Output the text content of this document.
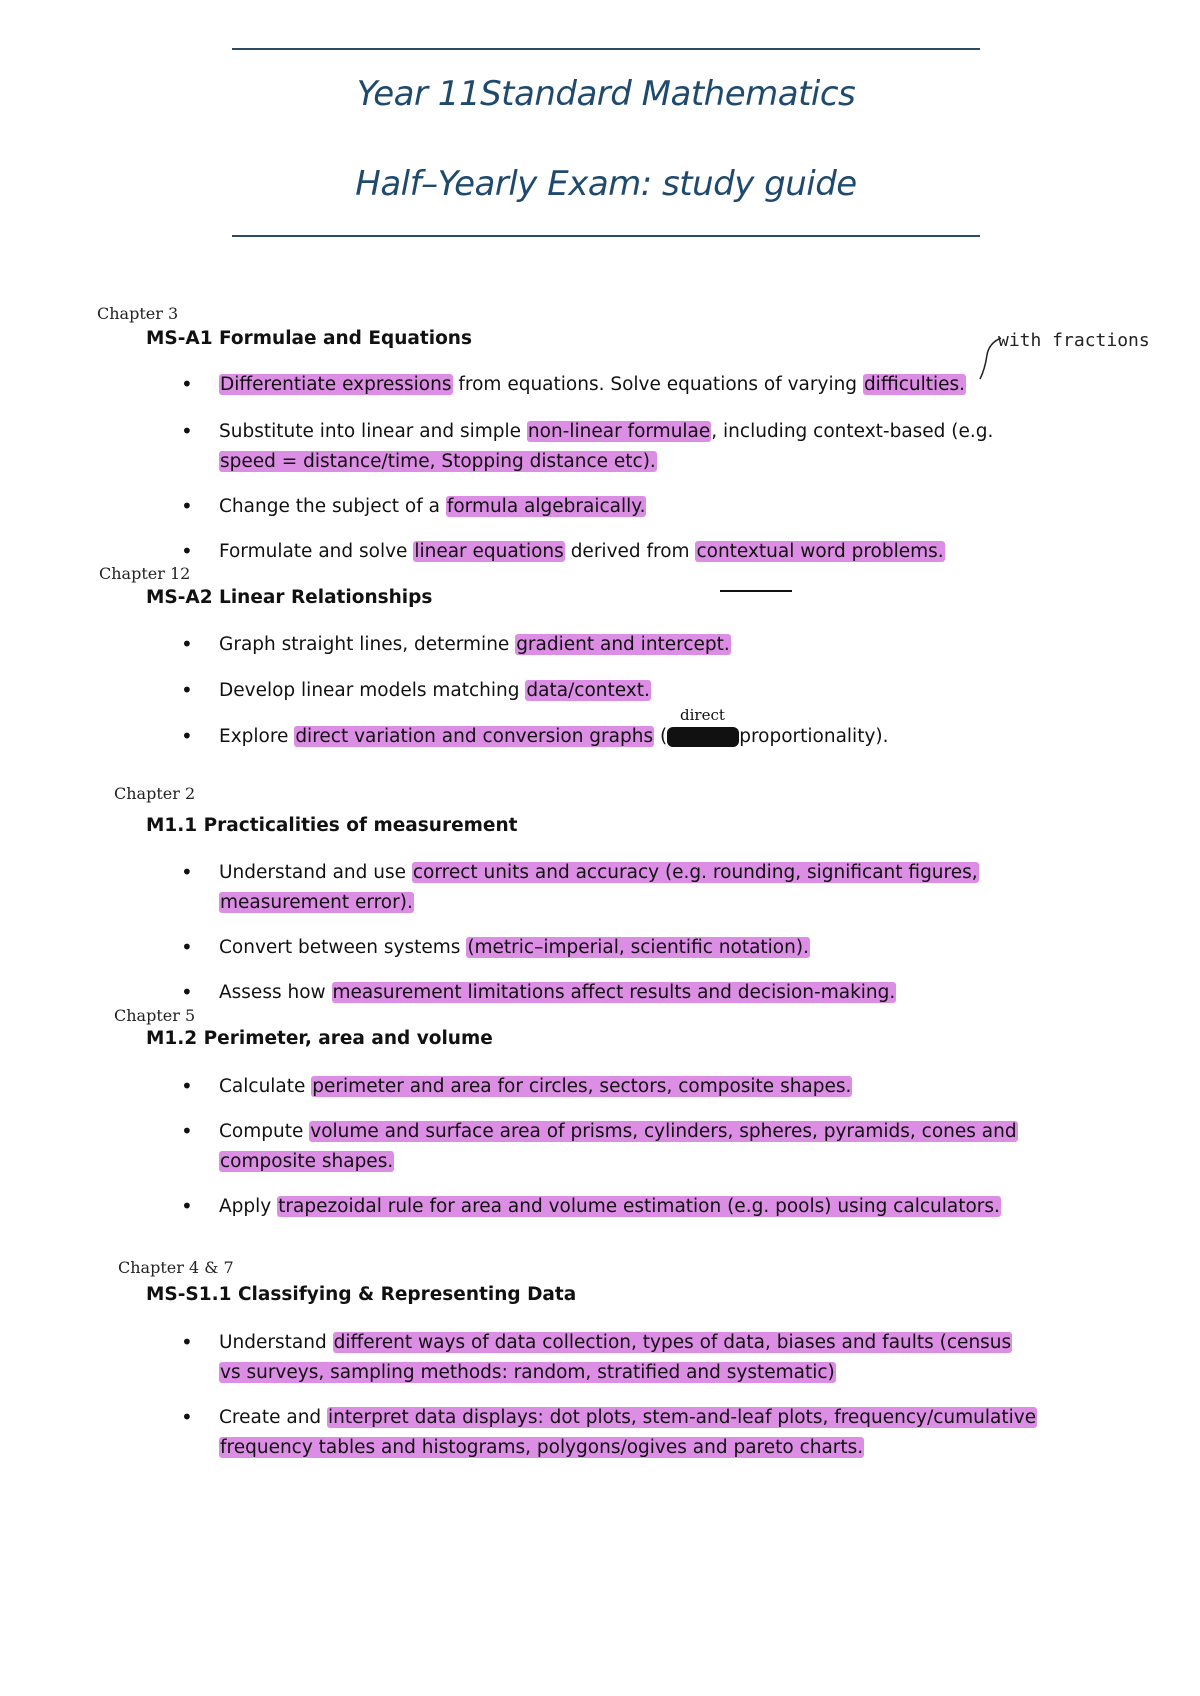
Year 11Standard Mathematics
Half–Yearly Exam: study guide
Chapter 3
MS-A1 Formulae and Equations	with fractions
• Differentiate expressions from equations. Solve equations of varying difficulties.
• Substitute into linear and simple non-linear formulae, including context-based (e.g.
speed = distance/time, Stopping distance etc).
• Change the subject of a formula algebraically.
• Formulate and solve linear equations derived from contextual word problems.
Chapter 12
MS-A2 Linear Relationships
• Graph straight lines, determine gradient and intercept.
• Develop linear models matching data/context.
direct
• Explore direct variation and conversion graphs (	proportionality).
Chapter 2
M1.1 Practicalities of measurement
• Understand and use correct units and accuracy (e.g. rounding, significant figures,
measurement error).
• Convert between systems (metric–imperial, scientific notation).
• Assess how measurement limitations affect results and decision-making.
Chapter 5
M1.2 Perimeter, area and volume
• Calculate perimeter and area for circles, sectors, composite shapes.
• Compute volume and surface area of prisms, cylinders, spheres, pyramids, cones and
composite shapes.
• Apply trapezoidal rule for area and volume estimation (e.g. pools) using calculators.
Chapter 4 & 7
MS-S1.1 Classifying & Representing Data
• Understand different ways of data collection, types of data, biases and faults (census
vs surveys, sampling methods: random, stratified and systematic)
• Create and interpret data displays: dot plots, stem-and-leaf plots, frequency/cumulative
frequency tables and histograms, polygons/ogives and pareto charts.
